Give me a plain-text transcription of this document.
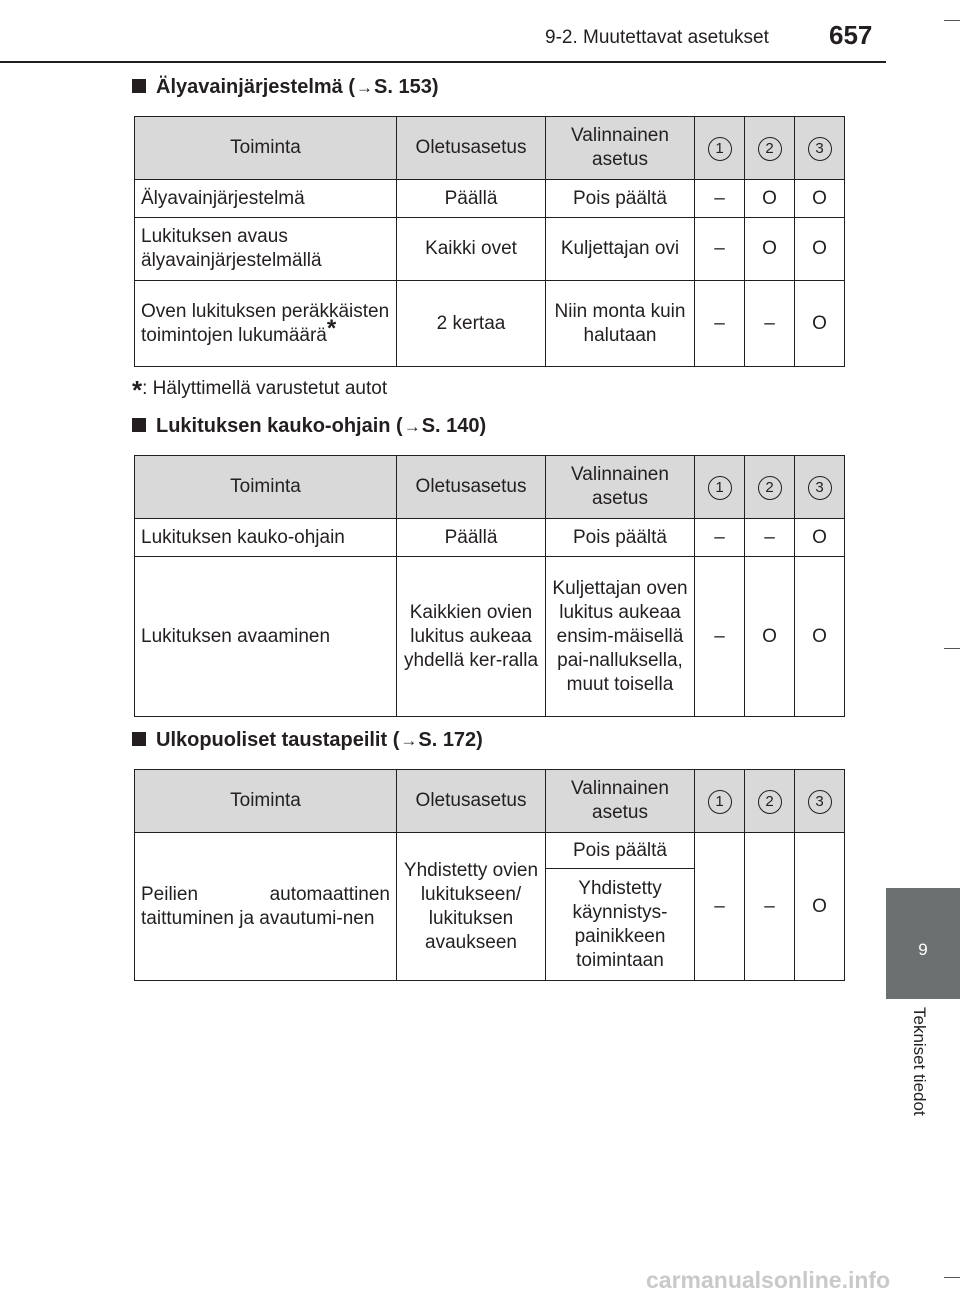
9-2. Muutettavat asetukset 657
9
Tekniset tiedot
Älyavainjärjestelmä (→S. 153)
Toiminta	Oletusasetus	Valinnainen asetus	1	2	3
Älyavainjärjestelmä	Päällä	Pois päältä	–	O	O
Lukituksen avaus älyavainjärjestelmällä	Kaikki ovet	Kuljettajan ovi	–	O	O
Oven lukituksen peräkkäisten toimintojen lukumäärä*	2 kertaa	Niin monta kuin halutaan	–	–	O
*: Hälyttimellä varustetut autot
Lukituksen kauko-ohjain (→S. 140)
Toiminta	Oletusasetus	Valinnainen asetus	1	2	3
Lukituksen kauko-ohjain	Päällä	Pois päältä	–	–	O
Lukituksen avaaminen	Kaikkien ovien lukitus aukeaa yhdellä ker-ralla	Kuljettajan oven lukitus aukeaa ensim-mäisellä pai-nalluksella, muut toisella	–	O	O
Ulkopuoliset taustapeilit (→S. 172)
Toiminta	Oletusasetus	Valinnainen asetus	1	2	3
Peilien automaattinen taittuminen ja avautumi-nen	Yhdistetty ovien lukitukseen/ lukituksen avaukseen	Pois päältä	–	–	O
		Yhdistetty käynnistys-painikkeen toimintaan			
carmanualsonline.info
